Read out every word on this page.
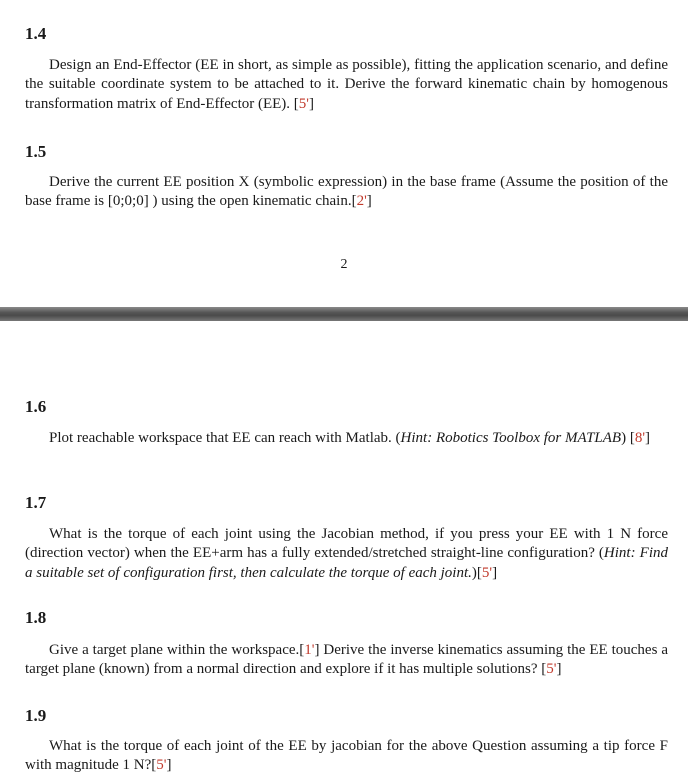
1.4

Design an End-Effector (EE in short, as simple as possible), fitting the application scenario, and define the suitable coordinate system to be attached to it. Derive the forward kinematic chain by homogenous transformation matrix of End-Effector (EE). [5']

1.5

Derive the current EE position X (symbolic expression) in the base frame (Assume the position of the base frame is [0;0;0] ) using the open kinematic chain.[2']

2
1.6

Plot reachable workspace that EE can reach with Matlab. (Hint: Robotics Toolbox for MATLAB) [8']

1.7

What is the torque of each joint using the Jacobian method, if you press your EE with 1 N force (direction vector) when the EE+arm has a fully extended/stretched straight-line configuration? (Hint: Find a suitable set of configuration first, then calculate the torque of each joint.)[5']

1.8

Give a target plane within the workspace.[1'] Derive the inverse kinematics assuming the EE touches a target plane (known) from a normal direction and explore if it has multiple solutions? [5']

1.9

What is the torque of each joint of the EE by jacobian for the above Question assuming a tip force F with magnitude 1 N?[5']
